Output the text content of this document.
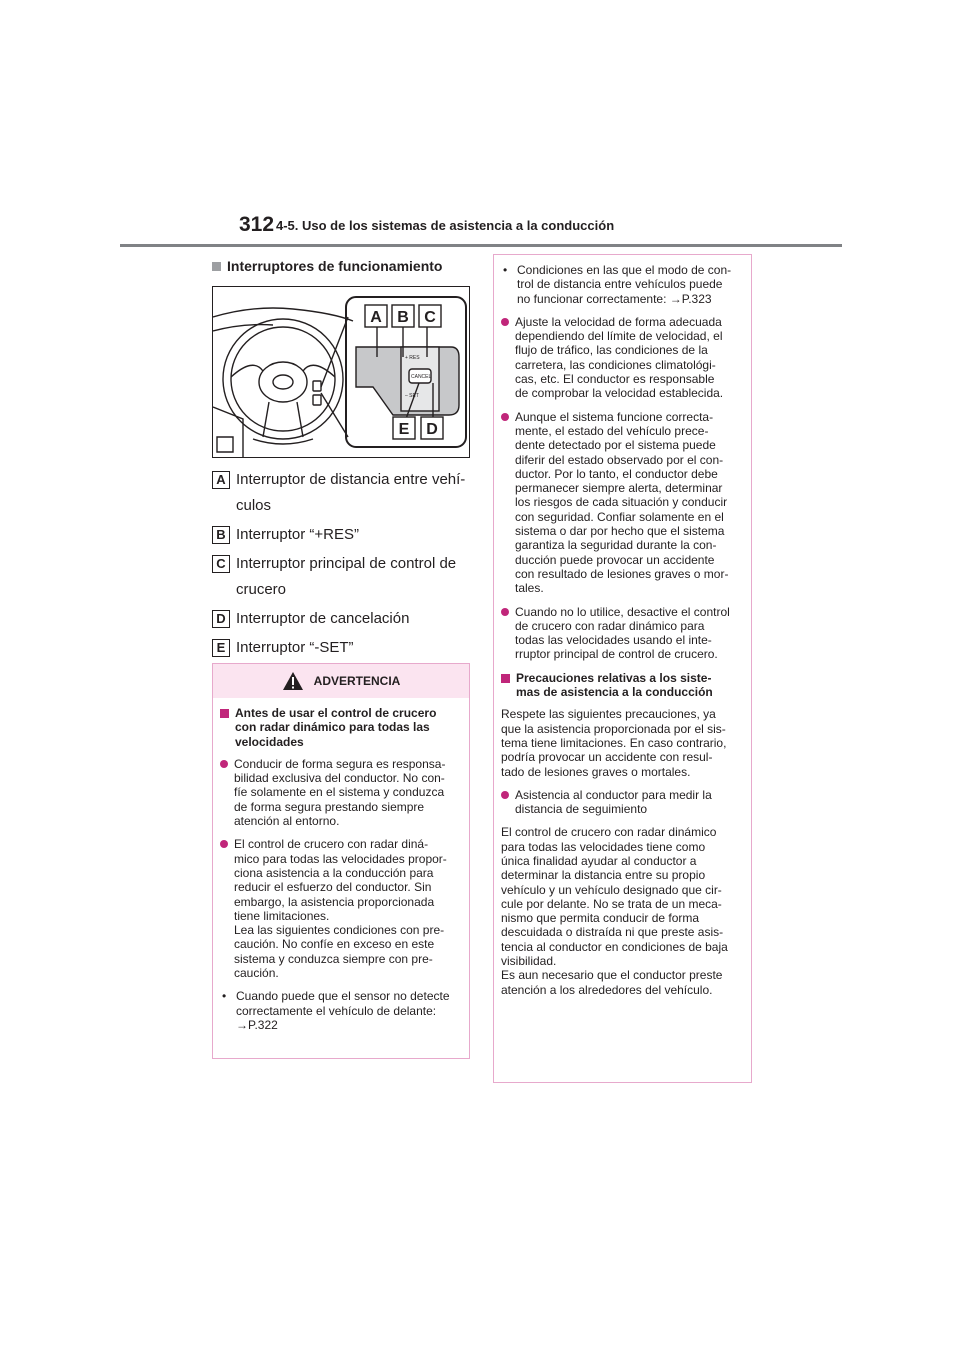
312 4-5. Uso de los sistemas de asistencia a la conducción
Interruptores de funcionamiento
A B C
E D
+ RES
CANCEL
– SET
A Interruptor de distancia entre vehí-
culos
B Interruptor “+RES”
C Interruptor principal de control de
crucero
D Interruptor de cancelación
E Interruptor “-SET”
ADVERTENCIA
Antes de usar el control de crucero
con radar dinámico para todas las
velocidades
Conducir de forma segura es responsa-
bilidad exclusiva del conductor. No con-
fíe solamente en el sistema y conduzca
de forma segura prestando siempre
atención al entorno.
El control de crucero con radar diná-
mico para todas las velocidades propor-
ciona asistencia a la conducción para
reducir el esfuerzo del conductor. Sin
embargo, la asistencia proporcionada
tiene limitaciones.
Lea las siguientes condiciones con pre-
caución. No confíe en exceso en este
sistema y conduzca siempre con pre-
caución.
• Cuando puede que el sensor no detecte
correctamente el vehículo de delante:
→P.322
• Condiciones en las que el modo de con-
trol de distancia entre vehículos puede
no funcionar correctamente: →P.323
Ajuste la velocidad de forma adecuada
dependiendo del límite de velocidad, el
flujo de tráfico, las condiciones de la
carretera, las condiciones climatológi-
cas, etc. El conductor es responsable
de comprobar la velocidad establecida.
Aunque el sistema funcione correcta-
mente, el estado del vehículo prece-
dente detectado por el sistema puede
diferir del estado observado por el con-
ductor. Por lo tanto, el conductor debe
permanecer siempre alerta, determinar
los riesgos de cada situación y conducir
con seguridad. Confiar solamente en el
sistema o dar por hecho que el sistema
garantiza la seguridad durante la con-
ducción puede provocar un accidente
con resultado de lesiones graves o mor-
tales.
Cuando no lo utilice, desactive el control
de crucero con radar dinámico para
todas las velocidades usando el inte-
rruptor principal de control de crucero.
Precauciones relativas a los siste-
mas de asistencia a la conducción
Respete las siguientes precauciones, ya
que la asistencia proporcionada por el sis-
tema tiene limitaciones. En caso contrario,
podría provocar un accidente con resul-
tado de lesiones graves o mortales.
Asistencia al conductor para medir la
distancia de seguimiento
El control de crucero con radar dinámico
para todas las velocidades tiene como
única finalidad ayudar al conductor a
determinar la distancia entre su propio
vehículo y un vehículo designado que cir-
cule por delante. No se trata de un meca-
nismo que permita conducir de forma
descuidada o distraída ni que preste asis-
tencia al conductor en condiciones de baja
visibilidad.
Es aun necesario que el conductor preste
atención a los alrededores del vehículo.
